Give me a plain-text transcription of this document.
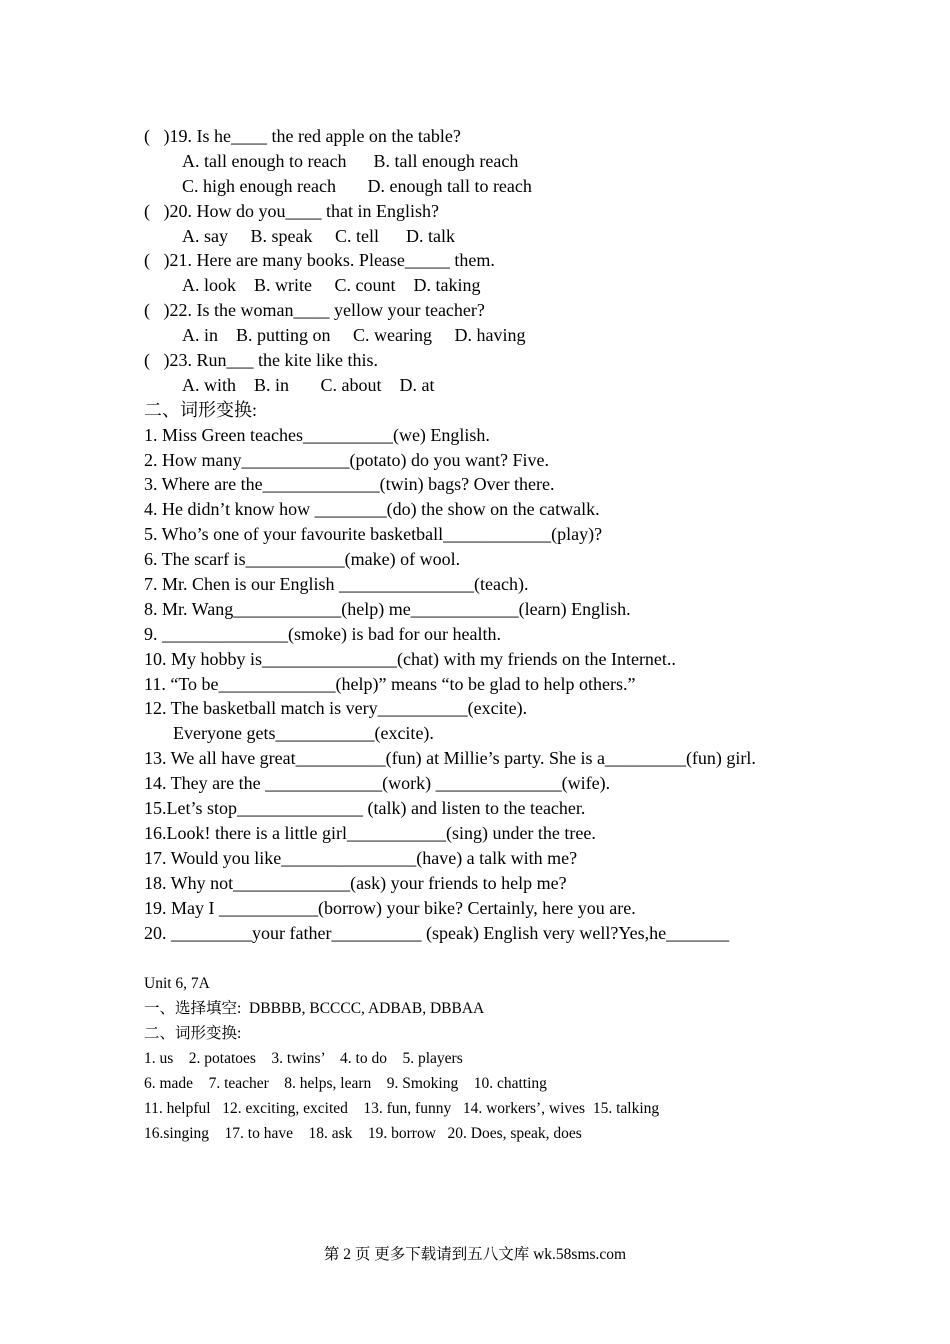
(   )19. Is he____ the red apple on the table?
A. tall enough to reach      B. tall enough reach
C. high enough reach       D. enough tall to reach
(   )20. How do you____ that in English?
A. say     B. speak     C. tell      D. talk
(   )21. Here are many books. Please_____ them.
A. look    B. write     C. count    D. taking
(   )22. Is the woman____ yellow your teacher?
A. in    B. putting on     C. wearing     D. having
(   )23. Run___ the kite like this.
A. with    B. in       C. about    D. at
二、词形变换:
1. Miss Green teaches__________(we) English.
2. How many____________(potato) do you want? Five.
3. Where are the_____________(twin) bags? Over there.
4. He didn’t know how ________(do) the show on the catwalk.
5. Who’s one of your favourite basketball____________(play)?
6. The scarf is___________(make) of wool.
7. Mr. Chen is our English _______________(teach).
8. Mr. Wang____________(help) me____________(learn) English.
9. ______________(smoke) is bad for our health.
10. My hobby is_______________(chat) with my friends on the Internet..
11. “To be_____________(help)” means “to be glad to help others.”
12. The basketball match is very__________(excite).
Everyone gets___________(excite).
13. We all have great__________(fun) at Millie’s party. She is a_________(fun) girl.
14. They are the _____________(work) ______________(wife).
15.Let’s stop______________ (talk) and listen to the teacher.
16.Look! there is a little girl___________(sing) under the tree.
17. Would you like_______________(have) a talk with me?
18. Why not_____________(ask) your friends to help me?
19. May I ___________(borrow) your bike? Certainly, here you are.
20. _________your father__________ (speak) English very well?Yes,he_______
Unit 6, 7A
一、选择填空:  DBBBB, BCCCC, ADBAB, DBBAA
二、词形变换:
1. us    2. potatoes    3. twins’    4. to do    5. players
6. made    7. teacher    8. helps, learn    9. Smoking    10. chatting
11. helpful   12. exciting, excited    13. fun, funny   14. workers’, wives  15. talking
16.singing    17. to have    18. ask    19. borrow   20. Does, speak, does
第 2 页 更多下载请到五八文库 wk.58sms.com
